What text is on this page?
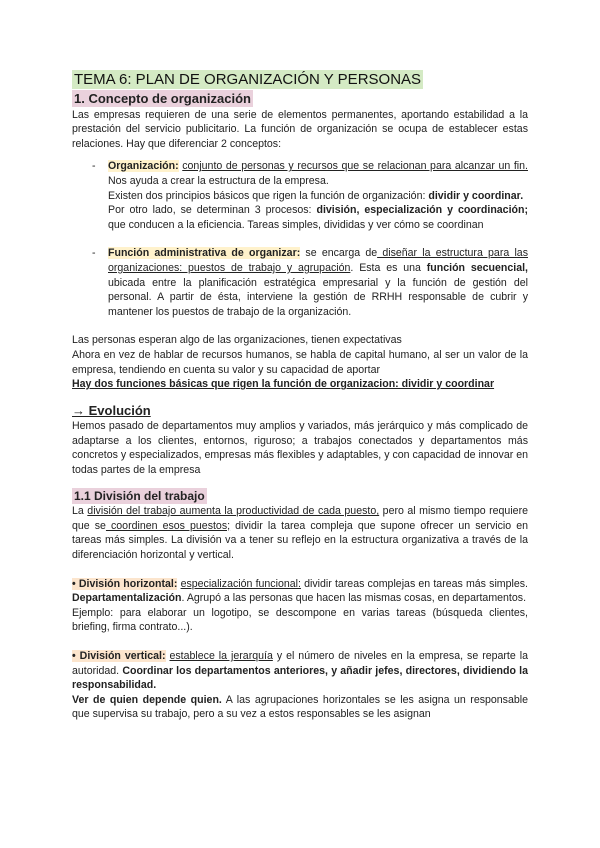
TEMA 6: PLAN DE ORGANIZACIÓN Y PERSONAS
1. Concepto de organización

Las empresas requieren de una serie de elementos permanentes, aportando estabilidad a la prestación del servicio publicitario. La función de organización se ocupa de establecer estas relaciones. Hay que diferenciar 2 conceptos:

- Organización: conjunto de personas y recursos que se relacionan para alcanzar un fin. Nos ayuda a crear la estructura de la empresa.

Existen dos principios básicos que rigen la función de organización: dividir y coordinar.

Por otro lado, se determinan 3 procesos: división, especialización y coordinación; que conducen a la eficiencia. Tareas simples, divididas y ver cómo se coordinan

- Función administrativa de organizar: se encarga de diseñar la estructura para las organizaciones: puestos de trabajo y agrupación. Esta es una función secuencial, ubicada entre la planificación estratégica empresarial y la función de gestión del personal. A partir de ésta, interviene la gestión de RRHH responsable de cubrir y mantener los puestos de trabajo de la organización.

Las personas esperan algo de las organizaciones, tienen expectativas

Ahora en vez de hablar de recursos humanos, se habla de capital humano, al ser un valor de la empresa, tendiendo en cuenta su valor y su capacidad de aportar

Hay dos funciones básicas que rigen la función de organizacion: dividir y coordinar

→ Evolución

Hemos pasado de departamentos muy amplios y variados, más jerárquico y más complicado de adaptarse a los clientes, entornos, riguroso; a trabajos conectados y departamentos más concretos y especializados, empresas más flexibles y adaptables, y con capacidad de innovar en todas partes de la empresa

1.1 División del trabajo

La división del trabajo aumenta la productividad de cada puesto, pero al mismo tiempo requiere que se coordinen esos puestos; dividir la tarea compleja que supone ofrecer un servicio en tareas más simples. La división va a tener su reflejo en la estructura organizativa a través de la diferenciación horizontal y vertical.

• División horizontal: especialización funcional: dividir tareas complejas en tareas más simples. Departamentalización. Agrupó a las personas que hacen las mismas cosas, en departamentos.

Ejemplo: para elaborar un logotipo, se descompone en varias tareas (búsqueda clientes, briefing, firma contrato...).

• División vertical: establece la jerarquía y el número de niveles en la empresa, se reparte la autoridad. Coordinar los departamentos anteriores, y añadir jefes, directores, dividiendo la responsabilidad.

Ver de quien depende quien. A las agrupaciones horizontales se les asigna un responsable que supervisa su trabajo, pero a su vez a estos responsables se les asignan
